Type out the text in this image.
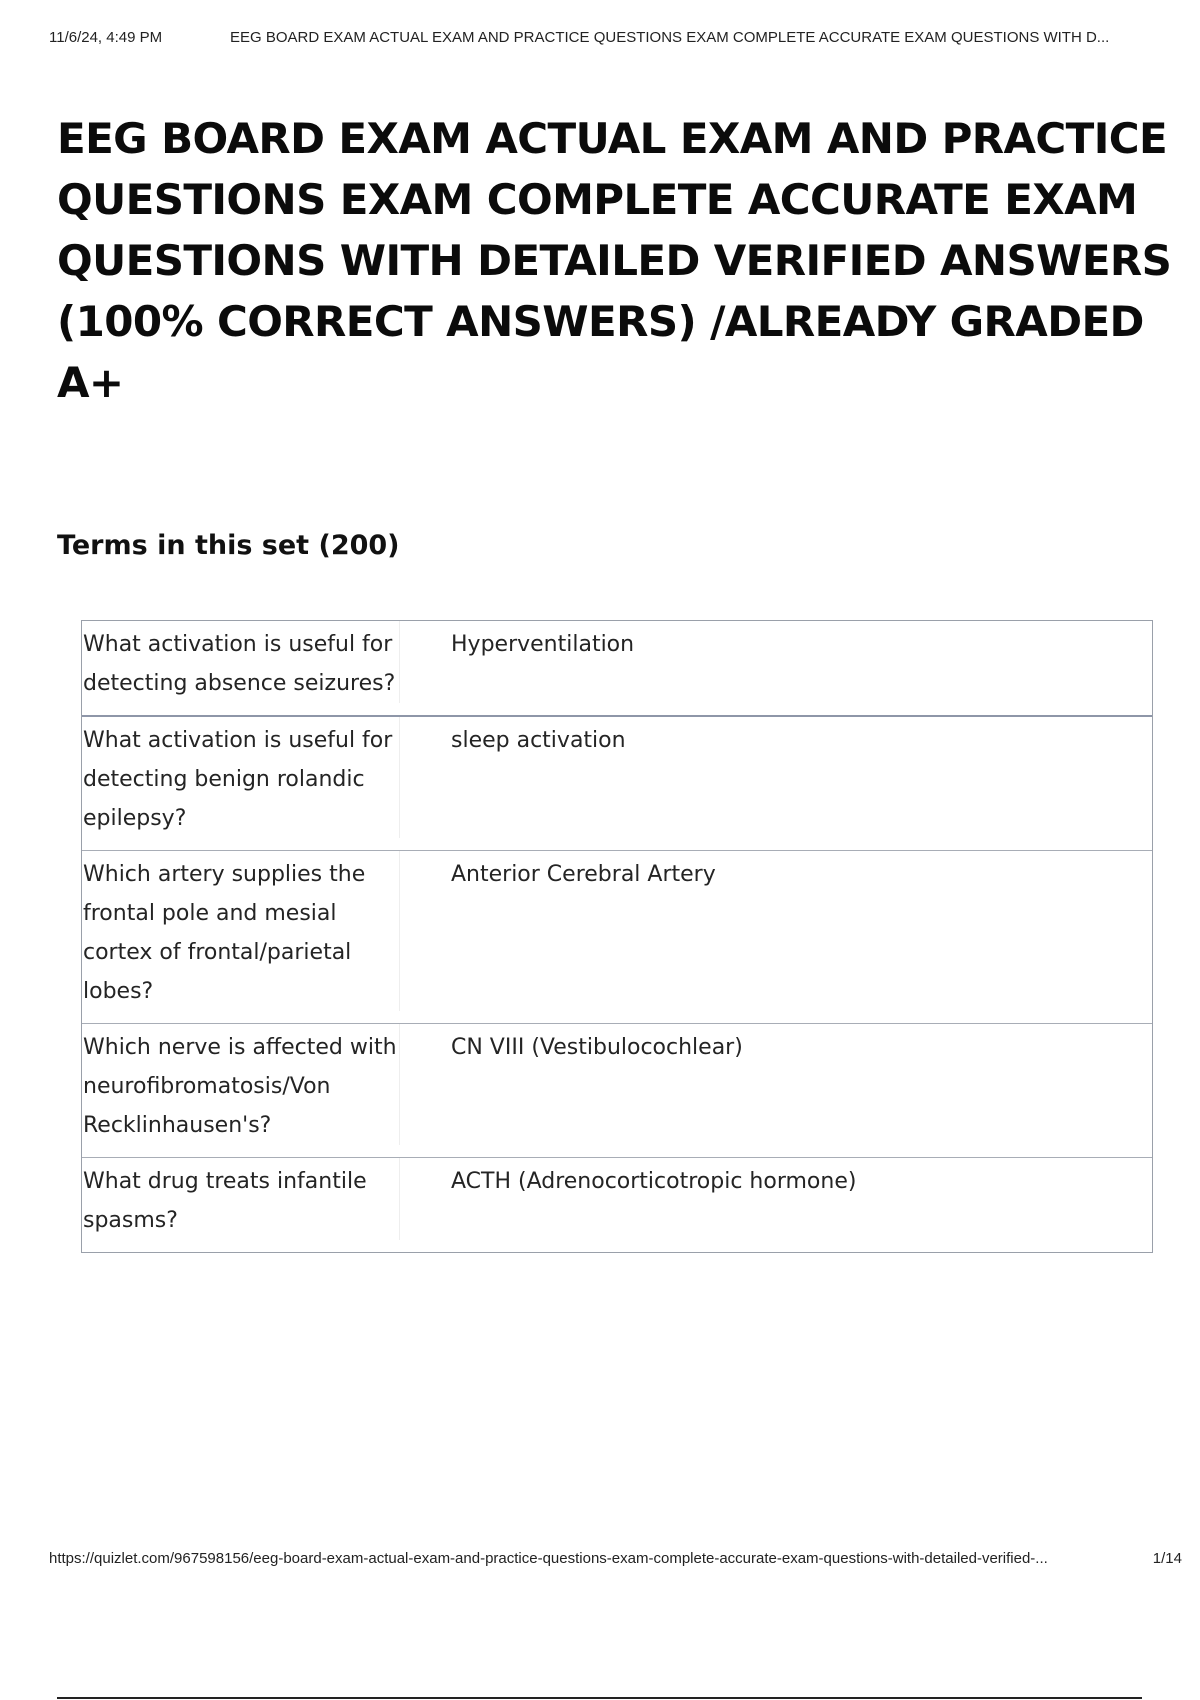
11/6/24, 4:49 PM	EEG BOARD EXAM ACTUAL EXAM AND PRACTICE QUESTIONS EXAM COMPLETE ACCURATE EXAM QUESTIONS WITH D...
EEG BOARD EXAM ACTUAL EXAM AND PRACTICE QUESTIONS EXAM COMPLETE ACCURATE EXAM QUESTIONS WITH DETAILED VERIFIED ANSWERS (100% CORRECT ANSWERS) /ALREADY GRADED A+
Terms in this set (200)
What activation is useful for detecting absence seizures?
Hyperventilation
What activation is useful for detecting benign rolandic epilepsy?
sleep activation
Which artery supplies the frontal pole and mesial cortex of frontal/parietal lobes?
Anterior Cerebral Artery
Which nerve is affected with neurofibromatosis/Von Recklinhausen's?
CN VIII (Vestibulocochlear)
What drug treats infantile spasms?
ACTH (Adrenocorticotropic hormone)
https://quizlet.com/967598156/eeg-board-exam-actual-exam-and-practice-questions-exam-complete-accurate-exam-questions-with-detailed-verified-...	1/14
